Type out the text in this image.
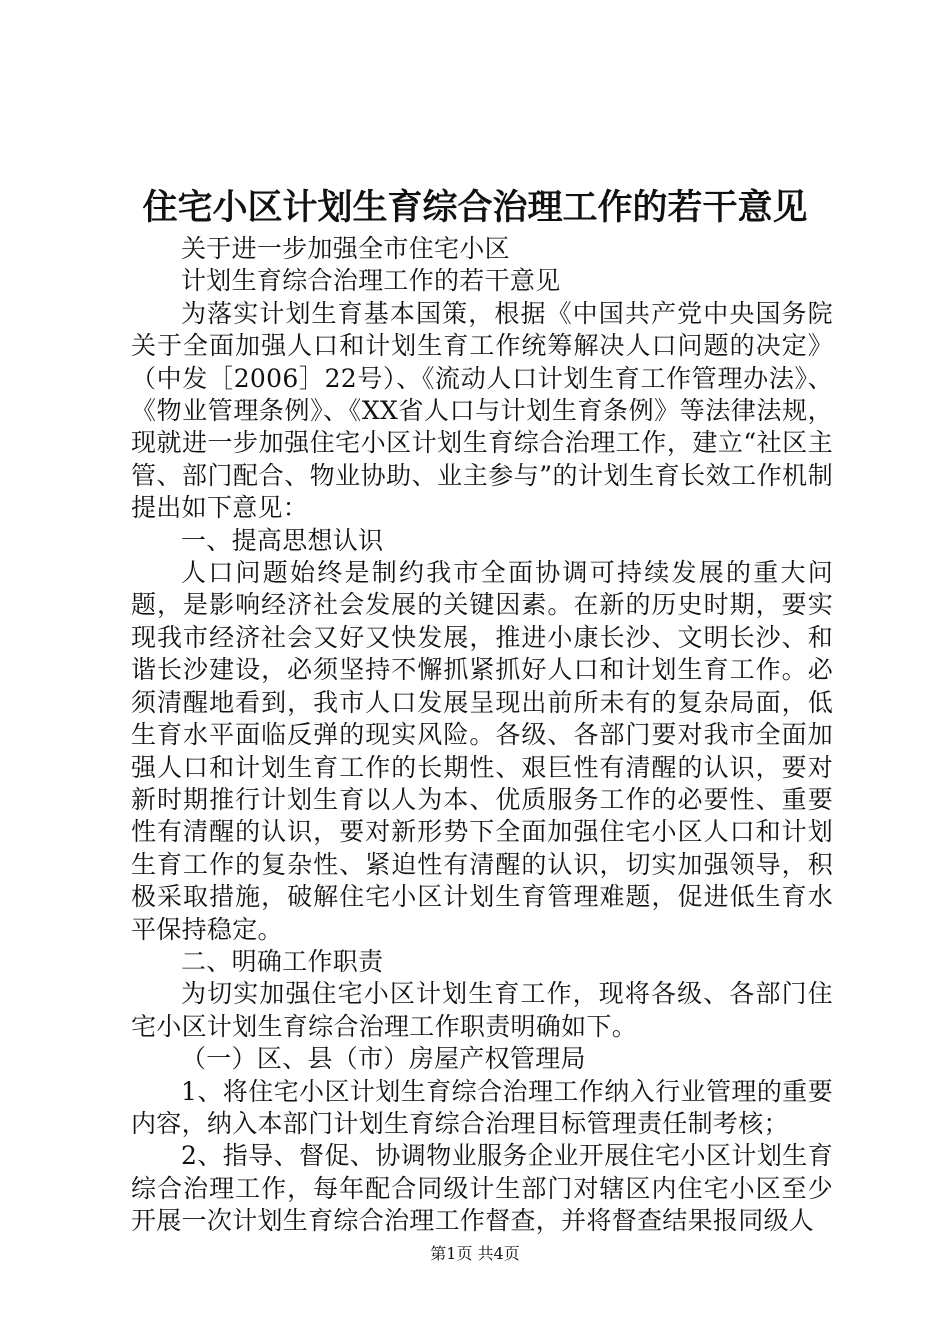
住宅小区计划生育综合治理工作的若干意见

关于进一步加强全市住宅小区

计划生育综合治理工作的若干意见

为落实计划生育基本国策，根据《中国共产党中央国务院关于全面加强人口和计划生育工作统筹解决人口问题的决定》（中发［2006］22号）、《流动人口计划生育工作管理办法》、《物业管理条例》、《XX省人口与计划生育条例》等法律法规，现就进一步加强住宅小区计划生育综合治理工作，建立“社区主管、部门配合、物业协助、业主参与”的计划生育长效工作机制提出如下意见：

一、提高思想认识

人口问题始终是制约我市全面协调可持续发展的重大问题，是影响经济社会发展的关键因素。在新的历史时期，要实现我市经济社会又好又快发展，推进小康长沙、文明长沙、和谐长沙建设，必须坚持不懈抓紧抓好人口和计划生育工作。必须清醒地看到，我市人口发展呈现出前所未有的复杂局面，低生育水平面临反弹的现实风险。各级、各部门要对我市全面加强人口和计划生育工作的长期性、艰巨性有清醒的认识，要对新时期推行计划生育以人为本、优质服务工作的必要性、重要性有清醒的认识，要对新形势下全面加强住宅小区人口和计划生育工作的复杂性、紧迫性有清醒的认识，切实加强领导，积极采取措施，破解住宅小区计划生育管理难题，促进低生育水平保持稳定。

二、明确工作职责

为切实加强住宅小区计划生育工作，现将各级、各部门住宅小区计划生育综合治理工作职责明确如下。

（一）区、县（市）房屋产权管理局

1、将住宅小区计划生育综合治理工作纳入行业管理的重要内容，纳入本部门计划生育综合治理目标管理责任制考核；

2、指导、督促、协调物业服务企业开展住宅小区计划生育综合治理工作，每年配合同级计生部门对辖区内住宅小区至少开展一次计划生育综合治理工作督查，并将督查结果报同级人

第1页 共4页
